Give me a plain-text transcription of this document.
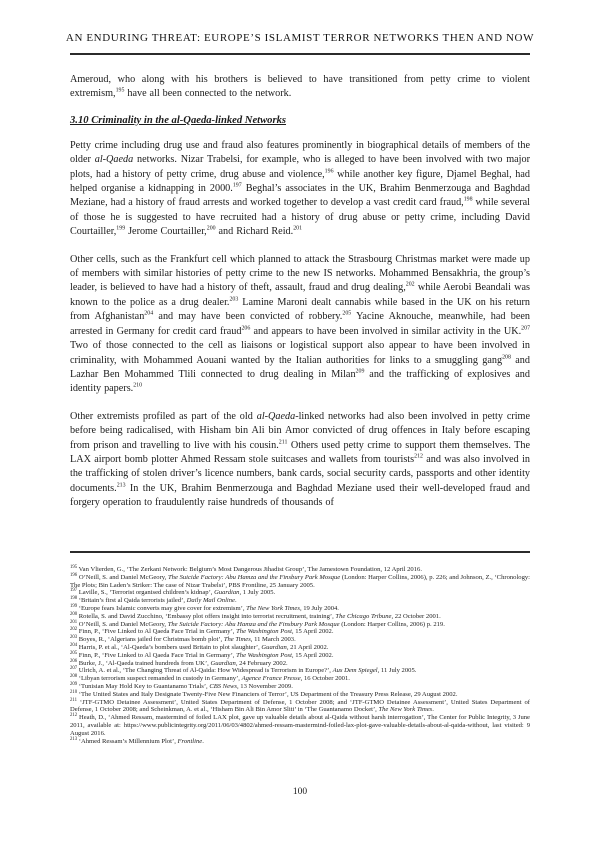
AN ENDURING THREAT: EUROPE’S ISLAMIST TERROR NETWORKS THEN AND NOW

Ameroud, who along with his brothers is believed to have transitioned from petty crime to violent extremism,$^{195}$ have all been connected to the network.

3.10 Criminality in the al-Qaeda-linked Networks

Petty crime including drug use and fraud also features prominently in biographical details of members of the older al-Qaeda networks. Nizar Trabelsi, for example, who is alleged to have been involved with two major plots, had a history of petty crime, drug abuse and violence,$^{196}$ while another key figure, Djamel Beghal, had helped organise a kidnapping in 2000.$^{197}$ Beghal’s associates in the UK, Brahim Benmerzouga and Baghdad Meziane, had a history of fraud arrests and worked together to develop a vast credit card fraud,$^{198}$ while several of those he is suggested to have recruited had a history of drug abuse or petty crime, including David Courtailler,$^{199}$ Jerome Courtailler,$^{200}$ and Richard Reid.$^{201}$

Other cells, such as the Frankfurt cell which planned to attack the Strasbourg Christmas market were made up of members with similar histories of petty crime to the new IS networks. Mohammed Bensakhria, the group’s leader, is believed to have had a history of theft, assault, fraud and drug dealing,$^{202}$ while Aerobi Beandali was known to the police as a drug dealer.$^{203}$ Lamine Maroni dealt cannabis while based in the UK on his return from Afghanistan$^{204}$ and may have been convicted of robbery.$^{205}$ Yacine Aknouche, meanwhile, had been arrested in Germany for credit card fraud$^{206}$ and appears to have been involved in similar activity in the UK.$^{207}$ Two of those connected to the cell as liaisons or logistical support also appear to have been involved in criminality, with Mohammed Aouani wanted by the Italian authorities for links to a smuggling gang$^{208}$ and Lazhar Ben Mohammed Tlili connected to drug dealing in Milan$^{209}$ and the trafficking of explosives and identity papers.$^{210}$

Other extremists profiled as part of the old al-Qaeda-linked networks had also been involved in petty crime before being radicalised, with Hisham bin Ali bin Amor convicted of drug offences in Italy before escaping from prison and travelling to live with his cousin.$^{211}$ Others used petty crime to support them themselves. The LAX airport bomb plotter Ahmed Ressam stole suitcases and wallets from tourists$^{212}$ and was also involved in the trafficking of stolen driver’s licence numbers, bank cards, social security cards, passports and other identity documents.$^{213}$ In the UK, Brahim Benmerzouga and Baghdad Meziane used their well-developed fraud and forgery operation to fraudulently raise hundreds of thousands of

$^{195}$ Van Vlierden, G., ‘The Zerkani Network: Belgium’s Most Dangerous Jihadist Group’, The Jamestown Foundation, 12 April 2016.
$^{196}$ O’Neill, S. and Daniel McGeory, The Suicide Factory: Abu Hamza and the Finsbury Park Mosque (London: Harper Collins, 2006), p. 226; and Johnson, Z., ‘Chronology: The Plots; Bin Laden’s Striker: The case of Nizar Trabelsi’, PBS Frontline, 25 January 2005.
$^{197}$ Laville, S., ‘Terrorist organised children’s kidnap’, Guardian, 1 July 2005.
$^{198}$ ‘Britain’s first al Qaida terrorists jailed’, Daily Mail Online.
$^{199}$ ‘Europe fears Islamic converts may give cover for extremism’, The New York Times, 19 July 2004.
$^{200}$ Rotella, S. and David Zucchino, ‘Embassy plot offers insight into terrorist recruitment, training’, The Chicago Tribune, 22 October 2001.
$^{201}$ O’Neill, S. and Daniel McGeory, The Suicide Factory: Abu Hamza and the Finsbury Park Mosque (London: Harper Collins, 2006) p. 219.
$^{202}$ Finn, P., ‘Five Linked to Al Qaeda Face Trial in Germany’, The Washington Post, 15 April 2002.
$^{203}$ Boyes, R., ‘Algerians jailed for Christmas bomb plot’, The Times, 11 March 2003.
$^{204}$ Harris, P. et al., ‘Al-Qaeda’s bombers used Britain to plot slaughter’, Guardian, 21 April 2002.
$^{205}$ Finn, P., ‘Five Linked to Al Qaeda Face Trial in Germany’, The Washington Post, 15 April 2002.
$^{206}$ Burke, J., ‘Al-Qaeda trained hundreds from UK’, Guardian, 24 February 2002.
$^{207}$ Ulrich, A. et al., ‘The Changing Threat of Al-Qaida: How Widespread is Terrorism in Europe?’, Aus Dem Spiegel, 11 July 2005.
$^{208}$ ‘Libyan terrorism suspect remanded in custody in Germany’, Agence France Presse, 16 October 2001.
$^{209}$ ‘Tunisian May Hold Key to Guantanamo Trials’, CBS News, 13 November 2009.
$^{210}$ ‘The United States and Italy Designate Twenty-Five New Financiers of Terror’, US Department of the Treasury Press Release, 29 August 2002.
$^{211}$ ‘JTF-GTMO Detainee Assessment’, United States Department of Defense, 1 October 2008; and ‘JTF-GTMO Detainee Assessment’, United States Department of Defense, 1 October 2008; and Scheinkman, A. et al., ‘Hisham Bin Ali Bin Amor Sliti’ in ‘The Guantanamo Docket’, The New York Times.
$^{212}$ Heath, D., ‘Ahmed Ressam, mastermind of foiled LAX plot, gave up valuable details about al-Qaida without harsh interrogation’, The Center for Public Integrity, 3 June 2011, available at: https://www.publicintegrity.org/2011/06/03/4802/ahmed-ressam-mastermind-foiled-lax-plot-gave-valuable-details-about-al-qaida-without, last visited: 9 August 2016.
$^{213}$ ‘Ahmed Ressam’s Millennium Plot’, Frontline.
100
